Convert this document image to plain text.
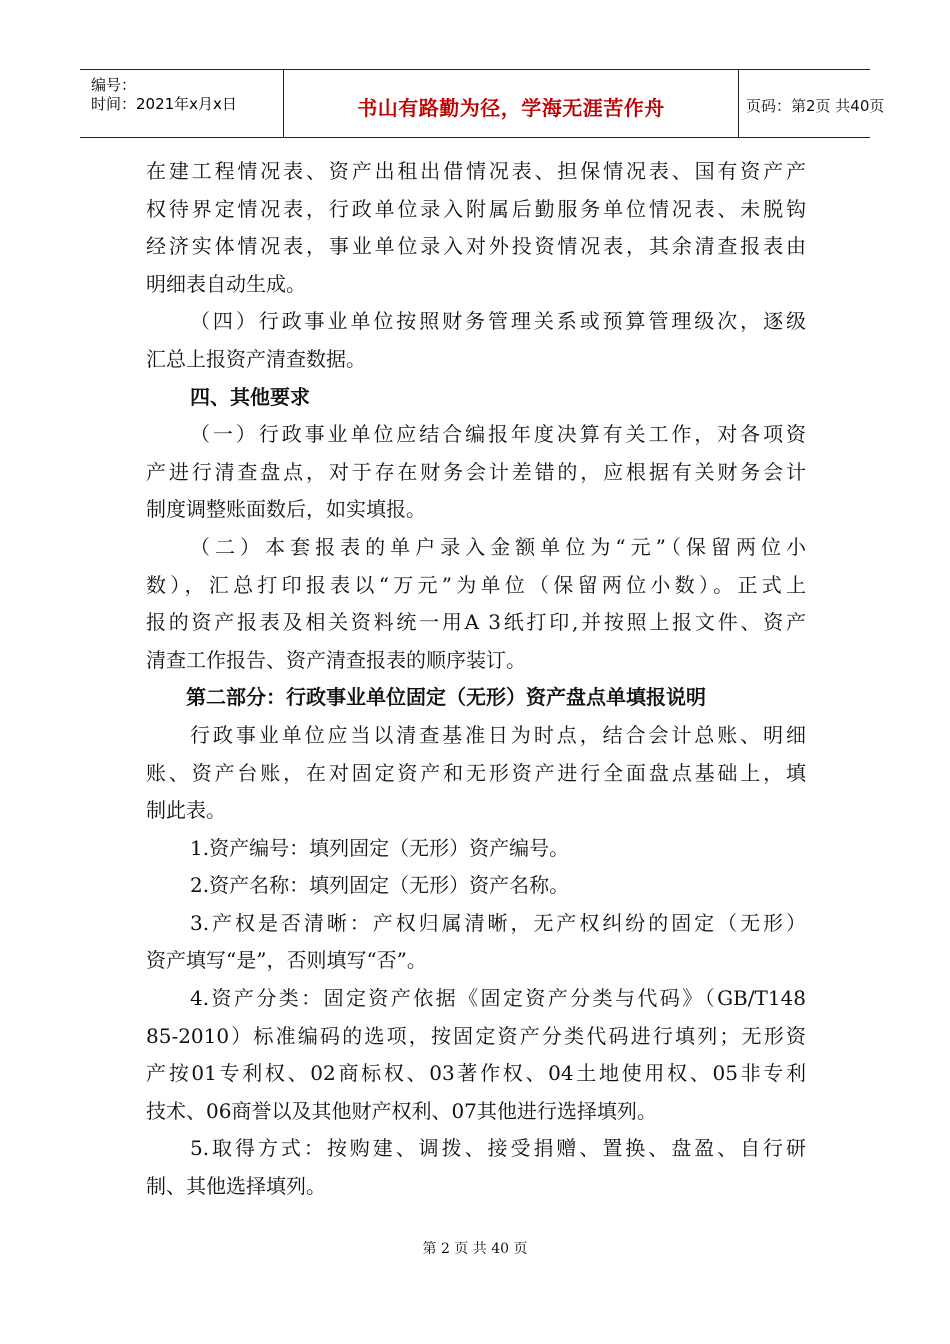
编号：
时间：2021年x月x日	书山有路勤为径，学海无涯苦作舟	页码：第2页 共40页
在建工程情况表、资产出租出借情况表、担保情况表、国有资产产
权待界定情况表，行政单位录入附属后勤服务单位情况表、未脱钩
经济实体情况表，事业单位录入对外投资情况表，其余清查报表由
明细表自动生成。
（四）行政事业单位按照财务管理关系或预算管理级次，逐级
汇总上报资产清查数据。
四、其他要求
（一）行政事业单位应结合编报年度决算有关工作，对各项资
产进行清查盘点，对于存在财务会计差错的，应根据有关财务会计
制度调整账面数后，如实填报。
（二）本套报表的单户录入金额单位为“元”（保留两位小
数），汇总打印报表以“万元”为单位（保留两位小数）。正式上
报的资产报表及相关资料统一用A 3纸打印,并按照上报文件、资产
清查工作报告、资产清查报表的顺序装订。
第二部分：行政事业单位固定（无形）资产盘点单填报说明
行政事业单位应当以清查基准日为时点，结合会计总账、明细
账、资产台账，在对固定资产和无形资产进行全面盘点基础上，填
制此表。
1.资产编号：填列固定（无形）资产编号。
2.资产名称：填列固定（无形）资产名称。
3.产权是否清晰：产权归属清晰，无产权纠纷的固定（无形）
资产填写“是”，否则填写“否”。
4.资产分类：固定资产依据《固定资产分类与代码》（GB/T148
85-2010）标准编码的选项，按固定资产分类代码进行填列；无形资
产按01专利权、02商标权、03著作权、04土地使用权、05非专利
技术、06商誉以及其他财产权利、07其他进行选择填列。
5.取得方式：按购建、调拨、接受捐赠、置换、盘盈、自行研
制、其他选择填列。
第 2 页 共 40 页
